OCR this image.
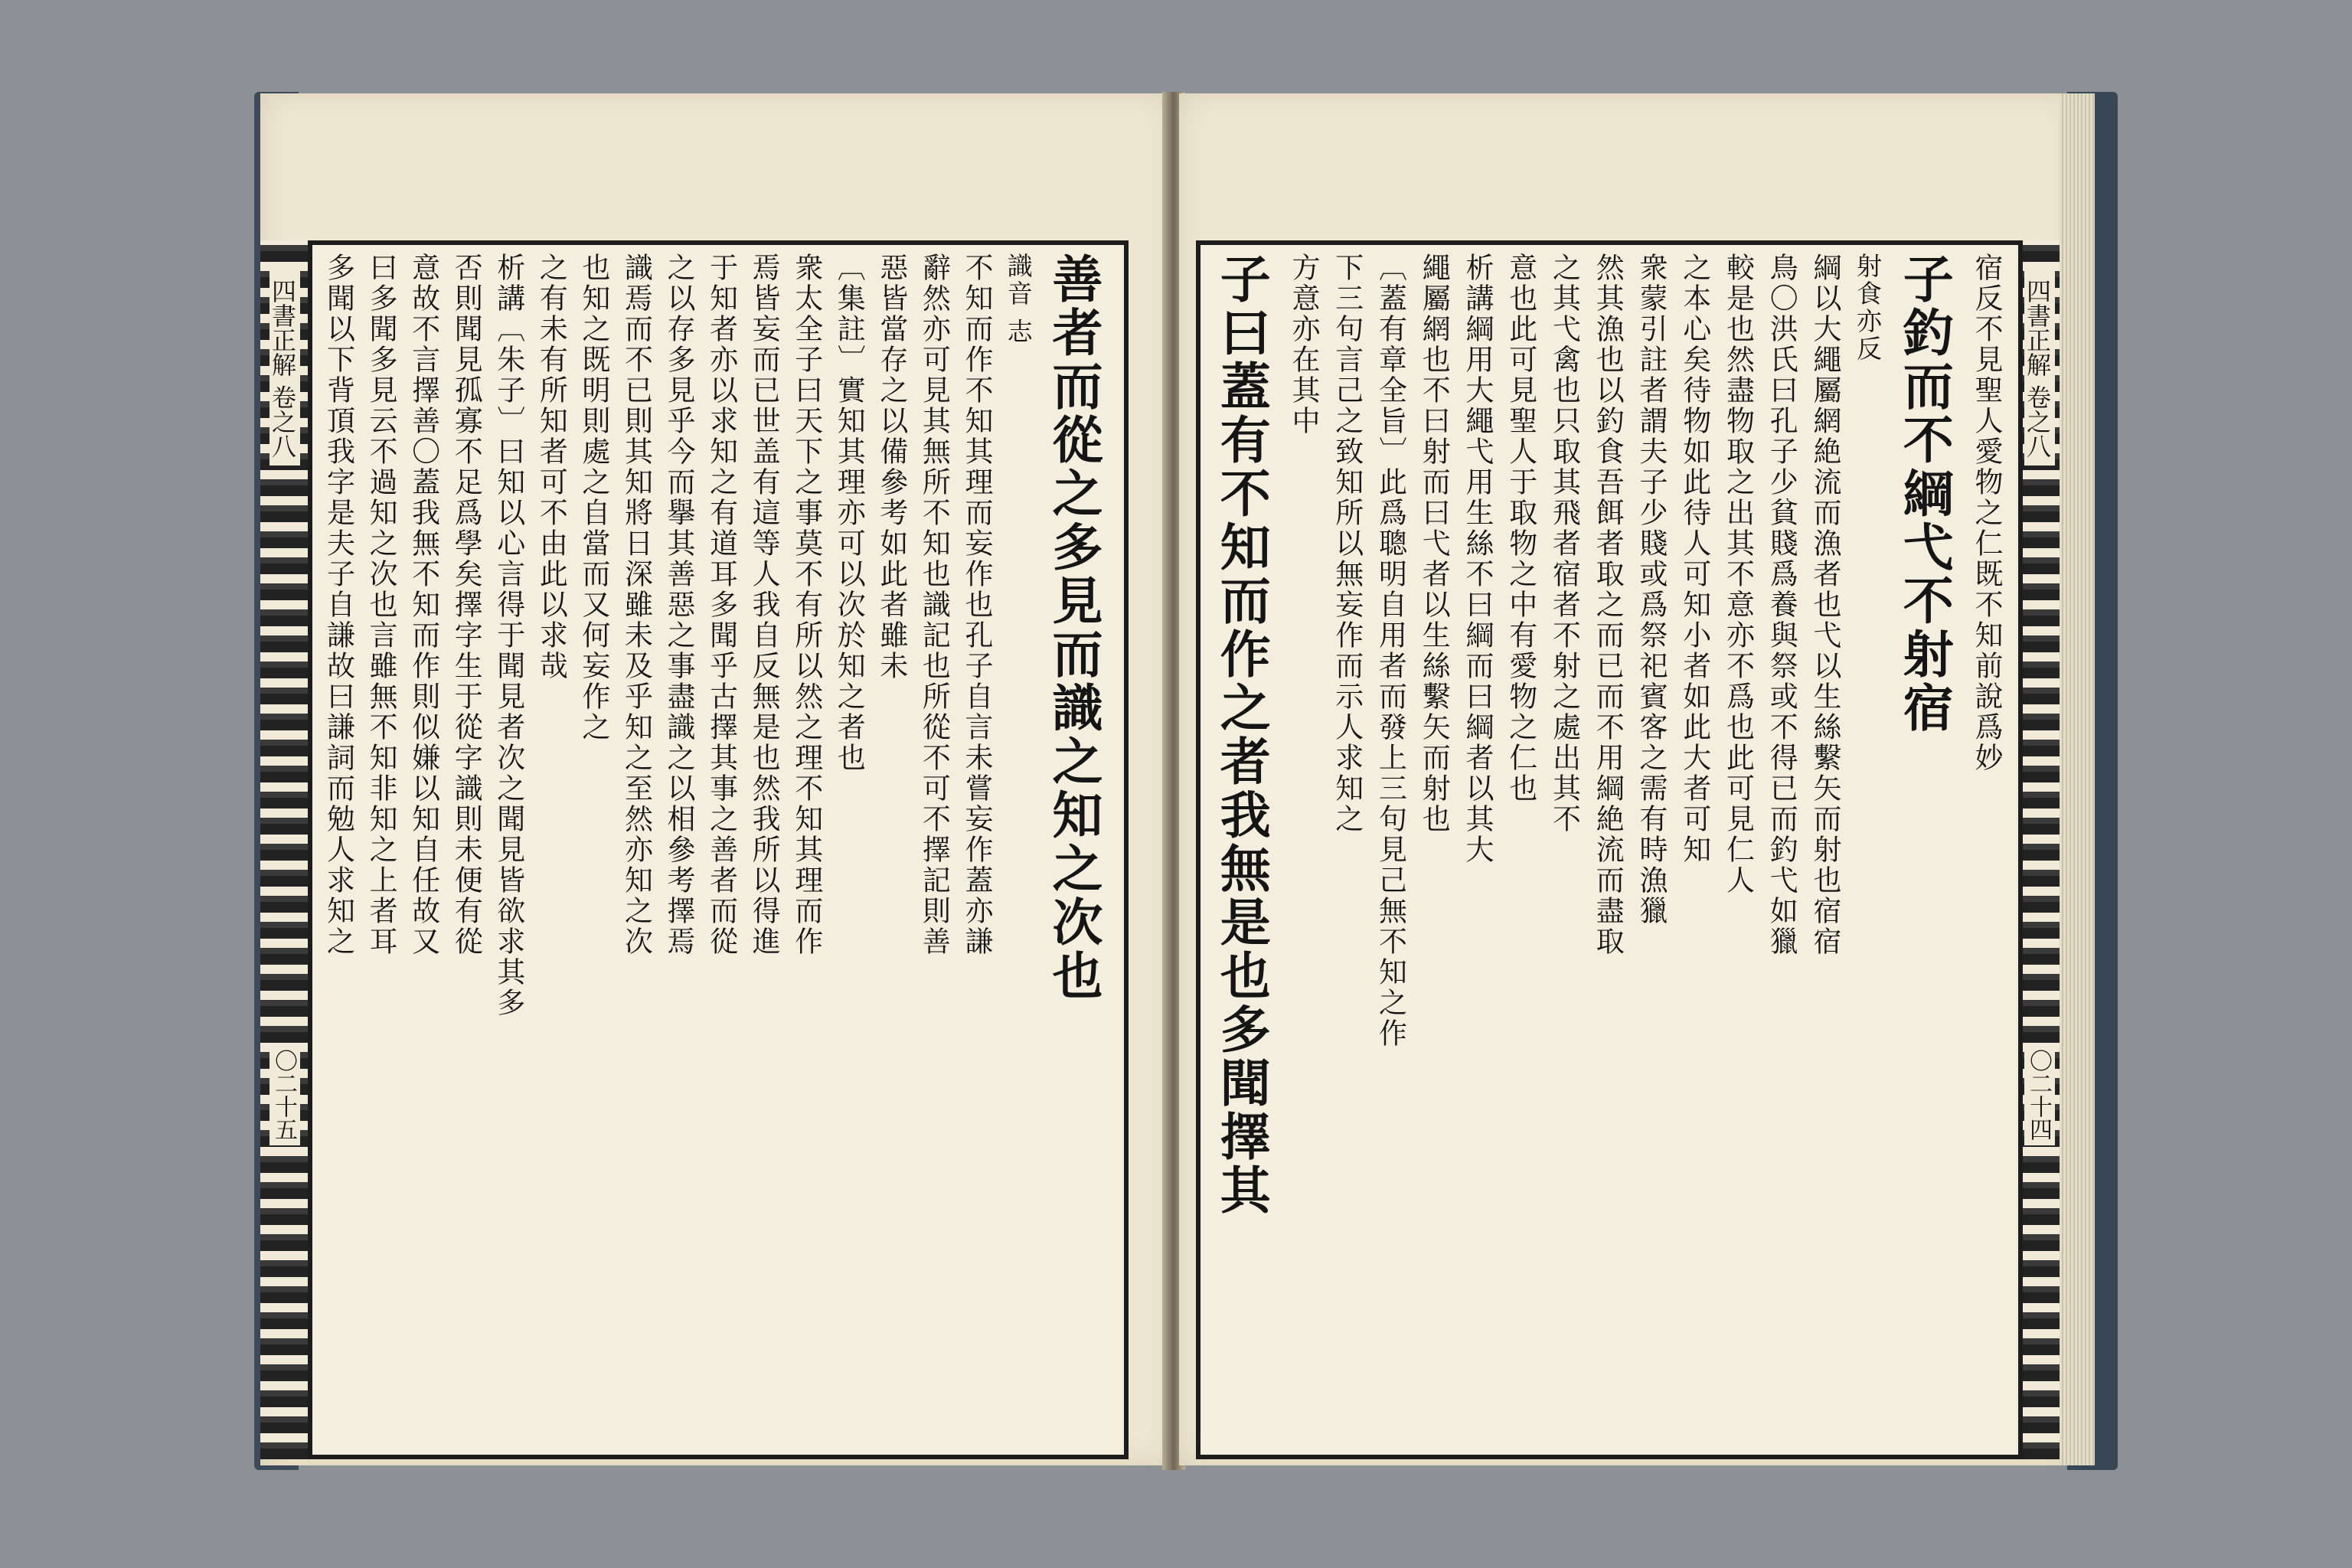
四書正解 卷之八
〇二十五
善者而從之多見而識之知之次也
識音 志
不知而作不知其理而妄作也孔子自言未嘗妄作蓋亦謙
辭然亦可見其無所不知也識記也所從不可不擇記則善
惡皆當存之以備參考如此者雖未
〔集註〕實知其理亦可以次於知之者也
衆太全子曰天下之事莫不有所以然之理不知其理而作
焉皆妄而已世盖有這等人我自反無是也然我所以得進
于知者亦以求知之有道耳多聞乎古擇其事之善者而從
之以存多見乎今而擧其善惡之事盡識之以相參考擇焉
識焉而不已則其知將日深雖未及乎知之至然亦知之次
也知之既明則處之自當而又何妄作之
之有未有所知者可不由此以求哉
析講〔朱子〕曰知以心言得于聞見者次之聞見皆欲求其多
否則聞見孤寡不足爲學矣擇字生于從字識則未便有從
意故不言擇善〇蓋我無不知而作則似嫌以知自任故又
曰多聞多見云不過知之次也言雖無不知非知之上者耳
多聞以下背頂我字是夫子自謙故曰謙詞而勉人求知之	四書正解 卷之八
〇二十四
宿反不見聖人愛物之仁既不知前說爲妙
子釣而不綱弋不射宿
射食亦反
綱以大繩屬網絶流而漁者也弋以生絲繫矢而射也宿宿
鳥〇洪氏曰孔子少貧賤爲養與祭或不得已而釣弋如獵
較是也然盡物取之出其不意亦不爲也此可見仁人
之本心矣待物如此待人可知小者如此大者可知
衆蒙引註者謂夫子少賤或爲祭祀賓客之需有時漁獵
然其漁也以釣食吾餌者取之而已而不用綱絶流而盡取
之其弋禽也只取其飛者宿者不射之處出其不
意也此可見聖人于取物之中有愛物之仁也
析講綱用大繩弋用生絲不曰綱而曰綱者以其大
繩屬網也不曰射而曰弋者以生絲繫矢而射也
〔蓋有章全旨〕此爲聰明自用者而發上三句見己無不知之作
下三句言己之致知所以無妄作而示人求知之
方意亦在其中
子曰蓋有不知而作之者我無是也多聞擇其
